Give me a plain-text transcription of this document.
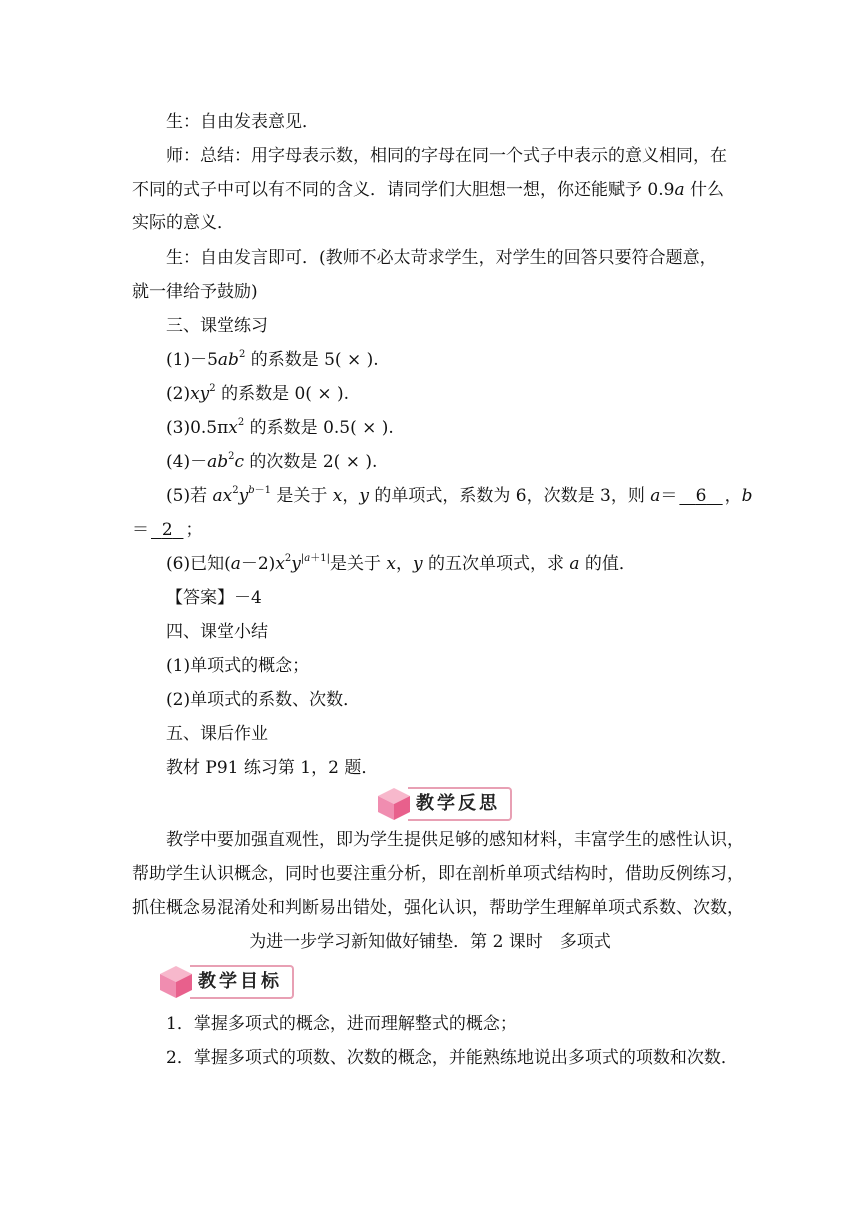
生：自由发表意见．
师：总结：用字母表示数，相同的字母在同一个式子中表示的意义相同，在
不同的式子中可以有不同的含义．请同学们大胆想一想，你还能赋予 0.9a 什么
实际的意义．
生：自由发言即可．(教师不必太苛求学生，对学生的回答只要符合题意，
就一律给予鼓励)
三、课堂练习
$(1)-5ab^2$ 的系数是 5( × ).
$(2)xy^2$ 的系数是 0( × ).
$(3)0.5\pi x^2$ 的系数是 0.5( × ).
$(4)-ab^2c$ 的次数是 2( × ).
(5)若 $ax^2y^{b-1}$ 是关于 x，y 的单项式，系数为 6，次数是 3，则 a＝ 6 ，b
＝ 2 ；
(6)已知$(a-2)x^2y^{|a+1|}$是关于 x，y 的五次单项式，求 a 的值．
【答案】－4
四、课堂小结
(1)单项式的概念；
(2)单项式的系数、次数．
五、课后作业
教材 P91 练习第 1，2 题．
教学反思
教学中要加强直观性，即为学生提供足够的感知材料，丰富学生的感性认识，
帮助学生认识概念，同时也要注重分析，即在剖析单项式结构时，借助反例练习，
抓住概念易混淆处和判断易出错处，强化认识，帮助学生理解单项式系数、次数，
为进一步学习新知做好铺垫．第 2 课时　多项式
教学目标
1．掌握多项式的概念，进而理解整式的概念；
2．掌握多项式的项数、次数的概念，并能熟练地说出多项式的项数和次数．
